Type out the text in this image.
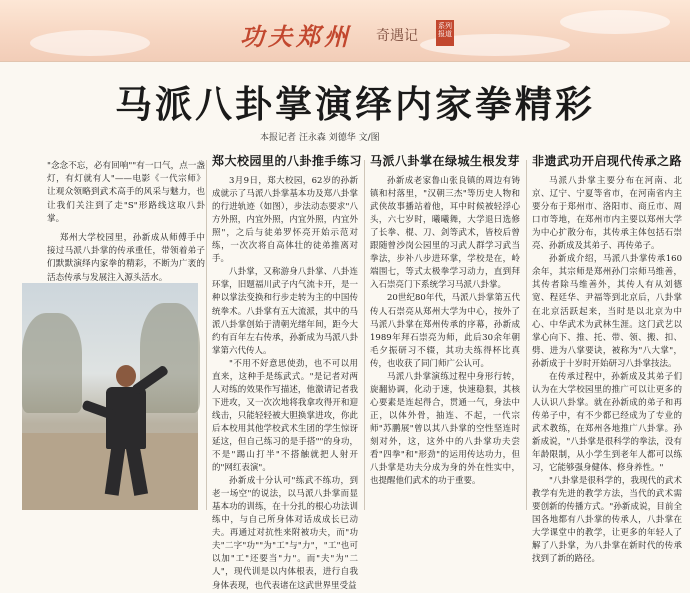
功夫郑州 奇遇记
系列报道
马派八卦掌演绎内家拳精彩
本报记者 汪永森 刘德华 文/图

"念念不忘，必有回响""有一口气，点一盏灯，有灯就有人"——电影《一代宗师》让观众领略到武术高手的风采与魅力，也让我们关注到了走"S"形路线这取八卦掌。

郑州大学校园里，孙新成从师傅手中接过马派八卦掌的传承重任，带领着弟子们默默演绎内家拳的精彩，不断为广袤的活态传承与发展注入源头活水。

郑大校园里的八卦推手练习

3月9日，郑大校园，62岁的孙新成就示了马派八卦掌基本功及郑八卦掌的行进轨迹（如图），步法动态要求"八方外照，内宜外照，内宜外照，内宜外照"，之后与徒弟罗怀亮开始示范对练，一次次将自高体壮的徒弟推离对手。

八卦掌，又称游身八卦掌、八卦连环掌，旧题福川武子内气流卡开，是一种以掌法变换和行步走转为主的中国传统拳术。八卦掌有五大流派，其中的马派八卦掌创始于清朝光绪年间，距今大约有百年左右传承，孙新成为马派八卦掌第六代传人。

"不用不好意思使劲，也不可以用直来，这种手是练武式。"是记者对两人对练的效果作写描述，他激请记者我下进攻，又一次次地将我拿攻得开和迎线击，只能轻轻被大胆换掌进攻，你此后本校用其他学校武术生团的学生惊讶延这，但自己练习的是手搭""的身功，不是"踢山打半"不搭触就把人射开的"网红表演"。

孙新成十分认可"练武不练功，到老一场空"的说法，以马派八卦掌而显基本功的训练，在十分扎的根心功法训练中，与自己所身体对话成成长已动夫。再通过对抗性来附被功夫，而"功夫"二字"功""为"工"与"力"，"工"也可以加"工"还要当"力"。而"夫"为"二人"，现代训是以内体根表，进行自我身体表现，也代表诸在这武世界里受益

马派八卦掌在绿城生根发芽

孙新成老家鲁山张良镇的周边有铸镇和村落里，"汉朝三杰"等历史人物和武侠故事播站着他，耳中时候被轻浮心头，六七岁时，曦曦舞，大学退曰选修了长拳、棍、刀、剑等武术，皆校后曾跟随曾沙岗公园里的习武人群学习武当拳法，步补八步进环掌，学校是在，岭端围七，等式太极拳学习动力，直到拜入石崇亮门下系统学习马派八卦掌。

20世纪80年代，马派八卦掌第五代传人石崇亮从郑州大学为中心，按外了马派八卦掌在郑州传承的序幕，孙新成1989年拜石崇亮为师，此后30余年朝毛夕振研习不辍，其功夫练得杯比真传，也收获了同门师广公认可。

马派八卦掌演练过程中身形行转，旋翻协调，化动于速，快速稳狠，其核心要素是连起得合，贯通一气，身法中正，以体外骨，抽连、不起，一代宗师"苏鹏展"曾以其八卦掌的空性坚连时刻对外，这，这外中的八卦掌功夫尝看"四拳"和"形劲"的运用传达功力，但八卦掌是功夫分成为身的外在性实中，也提醒他们武术的功于重要。

非遗武功开启现代传承之路

马派八卦掌主要分布在河南、北京、辽宁、宁夏等省市，在河南省内主要分布于郑州市、洛阳市、商丘市、周口市等地，在郑州市内主要以郑州大学为中心扩散分布，其传承主体包括石崇亮、孙新成及其弟子、再传弟子。

孙新成介绍，马派八卦掌传承160余年，其宗师是郑州孙门宗师马维善，其传者除马维善外，其传人有从刘德宽、程廷华、尹福等到北京后，八卦掌在北京活跃起来，当时是以北京为中心、中华武术为武林生涯。这门武艺以掌心向下、推、托、带、领、搬、扣、劈、进为八掌要诀，被称为"八大掌"，孙新成于十岁时开始研习八卦掌技法。

在传承过程中，孙新成及其弟子们认为在大学校园里的推广可以让更多的人认识八卦掌。就在孙新成的弟子和再传弟子中，有不少都已经成为了专业的武术教练，在郑州各地推广八卦掌。孙新成说，"八卦掌是很科学的拳法，没有年龄限制，从小学生到老年人都可以练习，它能够强身健体、修身养性。"

"八卦掌是很科学的，我现代的武术教学有先进的教学方法，当代的武术需要创新的传播方式。"孙新成说，目前全国各地都有八卦掌的传承人，八卦掌在大学课堂中的教学，让更多的年轻人了解了八卦掌，为八卦掌在新时代的传承找到了新的路径。
